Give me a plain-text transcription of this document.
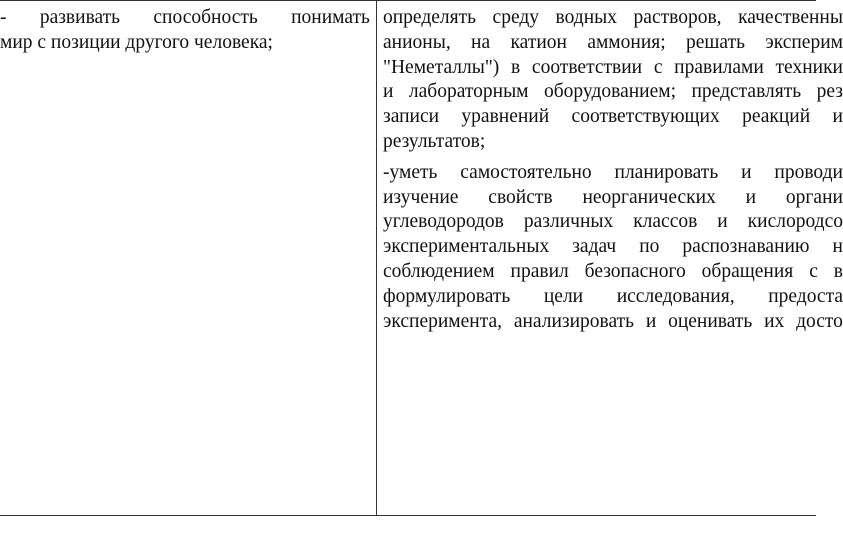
- развивать способность понимать
мир с позиции другого человека;
определять среду водных растворов, качественны
анионы, на катион аммония; решать эксперим
"Неметаллы") в соответствии с правилами техники
и лабораторным оборудованием; представлять рез
записи уравнений соответствующих реакций и
результатов;
-уметь самостоятельно планировать и проводи
изучение свойств неорганических и органи
углеводородов различных классов и кислородсо
экспериментальных задач по распознаванию н
соблюдением правил безопасного обращения с в
формулировать цели исследования, предоста
эксперимента, анализировать и оценивать их досто
